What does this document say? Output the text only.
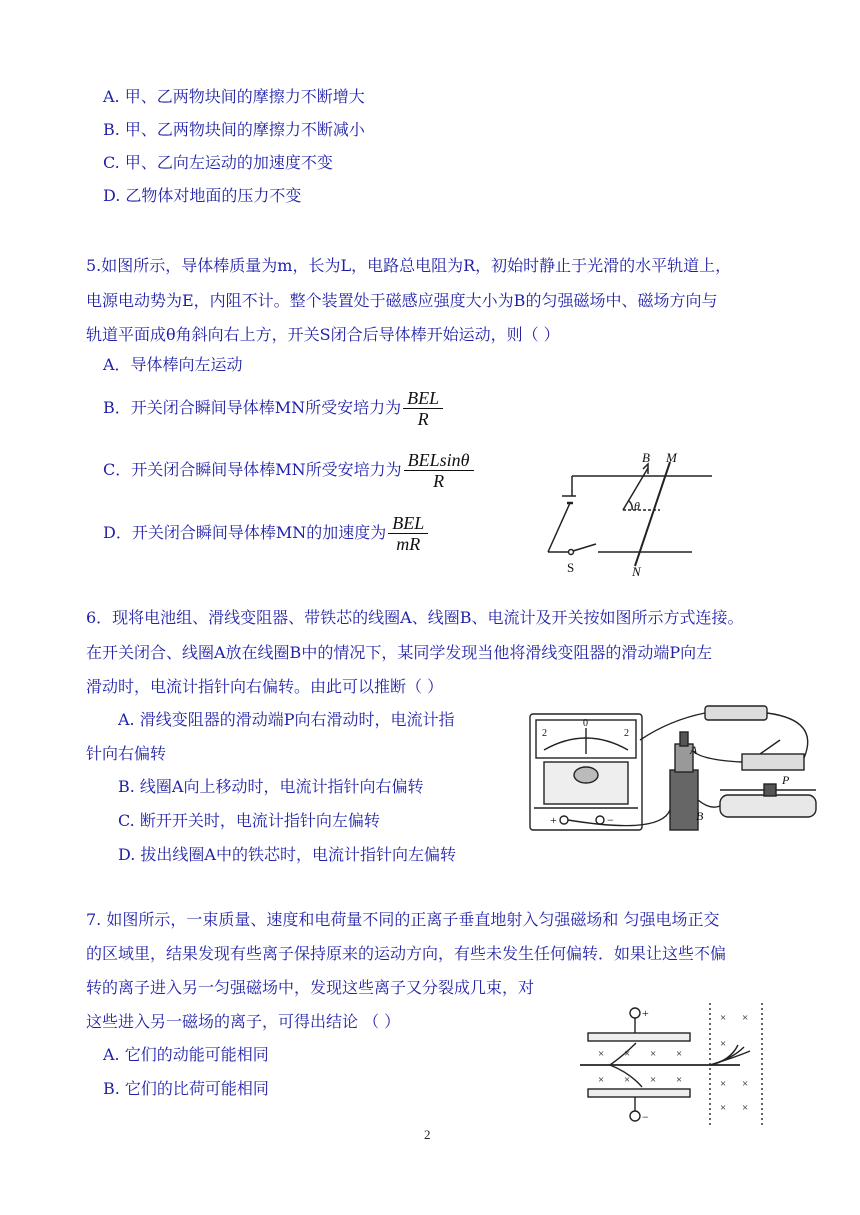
A. 甲、乙两物块间的摩擦力不断增大
B. 甲、乙两物块间的摩擦力不断减小
C. 甲、乙向左运动的加速度不变
D. 乙物体对地面的压力不变
5.如图所示，导体棒质量为m，长为L，电路总电阻为R，初始时静止于光滑的水平轨道上，
电源电动势为E，内阻不计。整个装置处于磁感应强度大小为B的匀强磁场中、磁场方向与
轨道平面成θ角斜向右上方，开关S闭合后导体棒开始运动，则（ ）
A．导体棒向左运动
B．开关闭合瞬间导体棒MN所受安培力为 $\frac{\text{BEL}}{R}$
C．开关闭合瞬间导体棒MN所受安培力为 $\frac{\text{BELsinθ}}{R}$
D．开关闭合瞬间导体棒MN的加速度为 $\frac{\text{BEL}}{mR}$
B M
θ
S	N
6．现将电池组、滑线变阻器、带铁芯的线圈A、线圈B、电流计及开关按如图所示方式连接。
在开关闭合、线圈A放在线圈B中的情况下，某同学发现当他将滑线变阻器的滑动端P向左
滑动时，电流计指针向右偏转。由此可以推断（ ）
A. 滑线变阻器的滑动端P向右滑动时，电流计指
针向右偏转
B. 线圈A向上移动时，电流计指针向右偏转
C. 断开开关时，电流计指针向左偏转
D. 拔出线圈A中的铁芯时，电流计指针向左偏转
2
0
2
+	−
A
B
P
7. 如图所示，一束质量、速度和电荷量不同的正离子垂直地射入匀强磁场和 匀强电场正交
的区域里，结果发现有些离子保持原来的运动方向，有些未发生任何偏转．如果让这些不偏
转的离子进入另一匀强磁场中，发现这些离子又分裂成几束，对
这些进入另一磁场的离子，可得出结论 （ ）
A. 它们的动能可能相同
B. 它们的比荷可能相同
× × × ×
× × × ×
× ×
×
× ×
× ×
+
−
2
